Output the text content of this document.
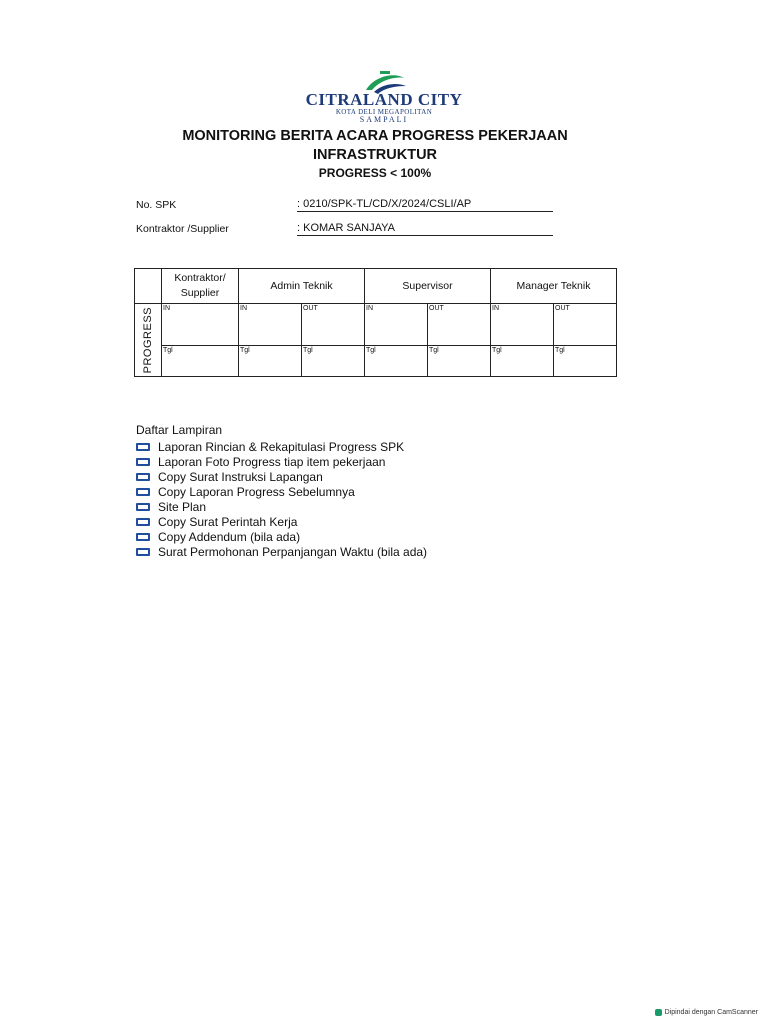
CITRALAND CITY
KOTA DELI MEGAPOLITAN
SAMPALI
MONITORING BERITA ACARA PROGRESS PEKERJAAN
INFRASTRUKTUR
PROGRESS < 100%
No. SPK	: 0210/SPK-TL/CD/X/2024/CSLI/AP
Kontraktor /Supplier	: KOMAR SANJAYA
	Kontraktor/ Supplier	Admin Teknik		Supervisor		Manager Teknik	

PROGRESS	IN	IN	OUT	IN	OUT	IN	OUT

	Tgl	Tgl	Tgl	Tgl	Tgl	Tgl	Tgl
Daftar Lampiran
Laporan Rincian & Rekapitulasi Progress SPK
Laporan Foto Progress tiap item pekerjaan
Copy Surat Instruksi Lapangan
Copy Laporan Progress Sebelumnya
Site Plan
Copy Surat Perintah Kerja
Copy Addendum (bila ada)
Surat Permohonan Perpanjangan Waktu (bila ada)
Dipindai dengan CamScanner
